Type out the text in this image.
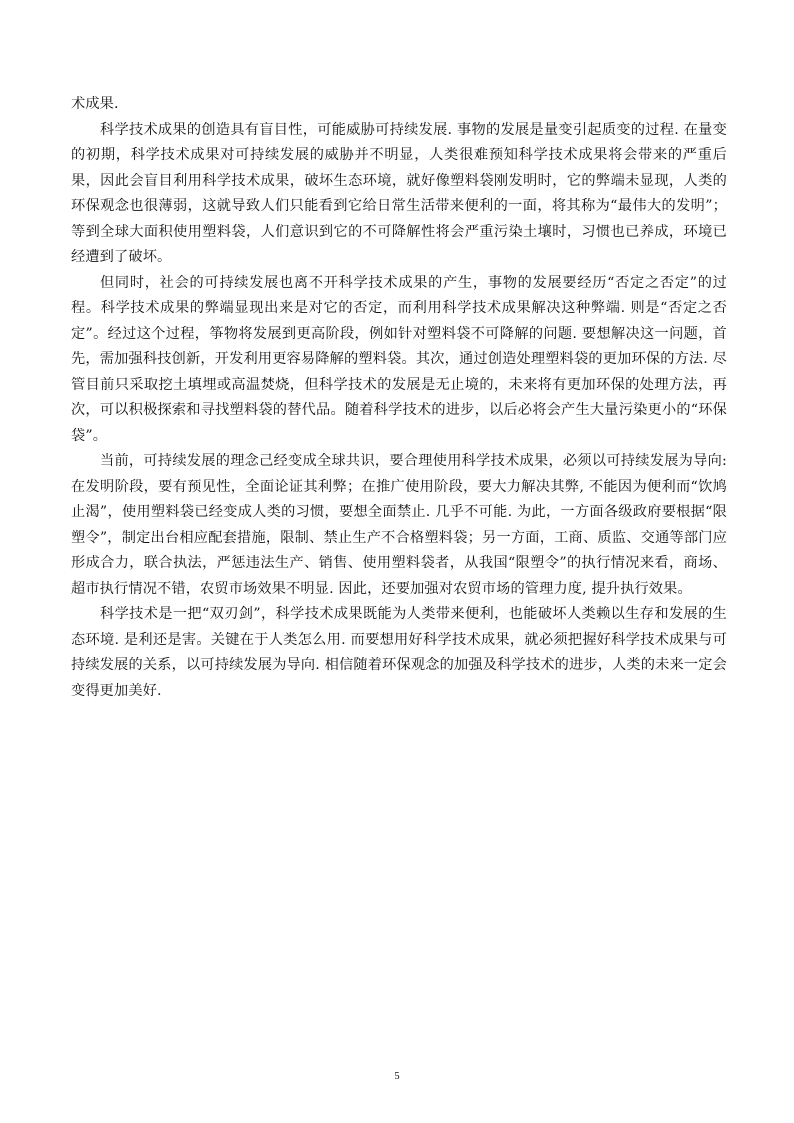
术成果.

科学技术成果的创造具有盲目性，可能威胁可持续发展. 事物的发展是量变引起质变的过程. 在量变的初期，科学技术成果对可持续发展的威胁并不明显，人类很难预知科学技术成果将会带来的严重后果，因此会盲目利用科学技术成果，破坏生态环境，就好像塑料袋刚发明时，它的弊端未显现，人类的环保观念也很薄弱，这就导致人们只能看到它给日常生活带来便利的一面，将其称为“最伟大的发明”；等到全球大面积使用塑料袋，人们意识到它的不可降解性将会严重污染土壤时，习惯也已养成，环境已经遭到了破坏。

但同时，社会的可持续发展也离不开科学技术成果的产生，事物的发展要经历“否定之否定”的过程。科学技术成果的弊端显现出来是对它的否定，而利用科学技术成果解决这种弊端. 则是“否定之否定”。经过这个过程，筝物将发展到更高阶段，例如针对塑料袋不可降解的问题. 要想解决这一问题，首先，需加强科技创新，开发利用更容易降解的塑料袋。其次，通过创造处理塑料袋的更加环保的方法. 尽管目前只采取挖土填埋或高温焚烧，但科学技术的发展是无止境的，未来将有更加环保的处理方法，再次，可以积极探索和寻找塑料袋的替代品。随着科学技术的进步，以后必将会产生大量污染更小的“环保袋”。

当前，可持续发展的理念己经变成全球共识，要合理使用科学技术成果，必须以可持续发展为导向: 在发明阶段，要有预见性，全面论证其利弊；在推广使用阶段，要大力解决其弊, 不能因为便利而“饮鸠止渴”，使用塑料袋已经变成人类的习惯，要想全面禁止. 几乎不可能. 为此，一方面各级政府要根据“限塑令”，制定出台相应配套措施，限制、禁止生产不合格塑料袋；另一方面，工商、质监、交通等部门应形成合力，联合执法，严惩违法生产、销售、使用塑料袋者，从我国“限塑令”的执行情况来看，商场、超市执行情况不错，农贸市场效果不明显. 因此，还要加强对农贸市场的管理力度, 提升执行效果。

科学技术是一把“双刃剑”，科学技术成果既能为人类带来便利，也能破坏人类赖以生存和发展的生态环境. 是利还是害。关键在于人类怎么用. 而要想用好科学技术成果，就必须把握好科学技术成果与可持续发展的关系，以可持续发展为导向. 相信随着环保观念的加强及科学技术的进步，人类的未来一定会变得更加美好.

5
